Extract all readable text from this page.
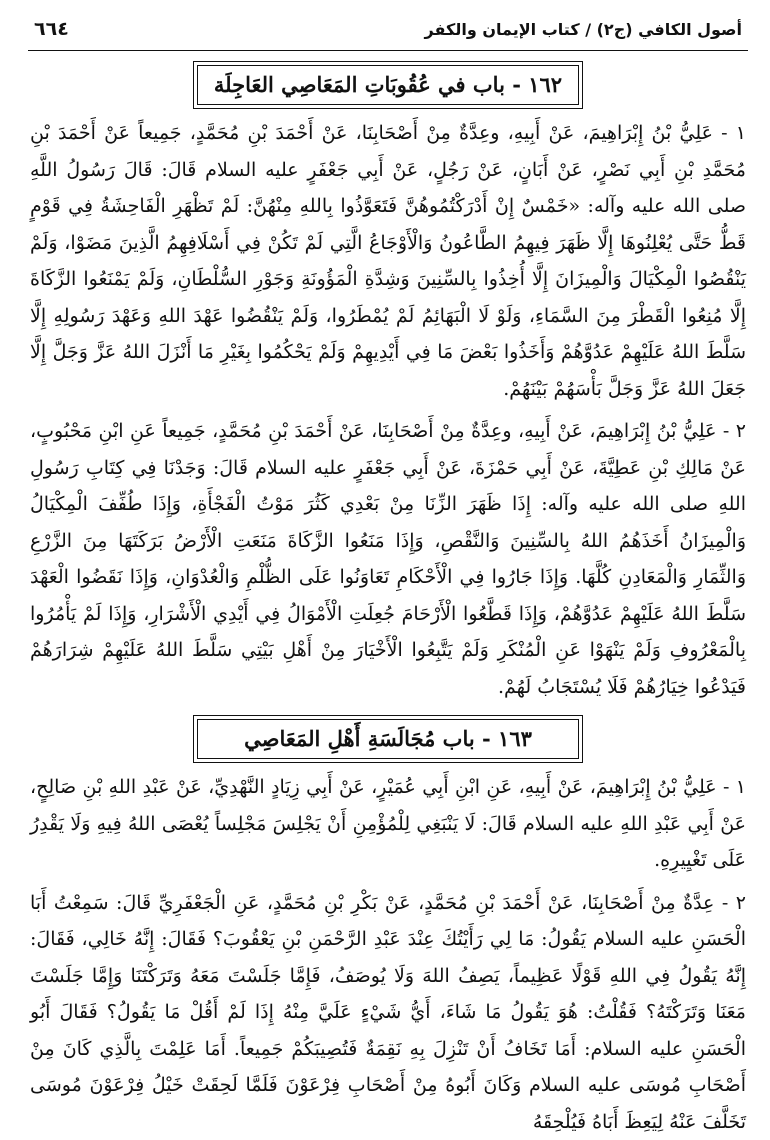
أصول الكافي (ج٢) / كتاب الإيمان والكفر
٦٦٤
١٦٢ - باب في عُقُوبَاتِ المَعَاصِي العَاجِلَة

١ - عَلِيُّ بْنُ إِبْرَاهِيمَ، عَنْ أَبِيهِ، وعِدَّةٌ مِنْ أَصْحَابِنَا، عَنْ أَحْمَدَ بْنِ مُحَمَّدٍ، جَمِيعاً عَنْ أَحْمَدَ بْنِ مُحَمَّدِ بْنِ أَبِي نَصْرٍ، عَنْ أَبَانٍ، عَنْ رَجُلٍ، عَنْ أَبِي جَعْفَرٍ عليه السلام قَالَ: قَالَ رَسُولُ اللَّهِ صلى الله عليه وآله: «خَمْسٌ إِنْ أَدْرَكْتُمُوهُنَّ فَتَعَوَّذُوا بِاللهِ مِنْهُنَّ: لَمْ تَظْهَرِ الْفَاحِشَةُ فِي قَوْمٍ قَطُّ حَتَّى يُعْلِنُوهَا إِلَّا ظَهَرَ فِيهِمُ الطَّاعُونُ وَالْأَوْجَاعُ الَّتِي لَمْ تَكُنْ فِي أَسْلَافِهِمُ الَّذِينَ مَضَوْا، وَلَمْ يَنْقُصُوا الْمِكْيَالَ وَالْمِيزَانَ إِلَّا أُخِذُوا بِالسِّنِينَ وَشِدَّةِ الْمَؤُونَةِ وَجَوْرِ السُّلْطَانِ، وَلَمْ يَمْنَعُوا الزَّكَاةَ إِلَّا مُنِعُوا الْقَطْرَ مِنَ السَّمَاءِ، وَلَوْ لَا الْبَهَائِمُ لَمْ يُمْطَرُوا، وَلَمْ يَنْقُضُوا عَهْدَ اللهِ وَعَهْدَ رَسُولِهِ إِلَّا سَلَّطَ اللهُ عَلَيْهِمْ عَدُوَّهُمْ وَأَخَذُوا بَعْضَ مَا فِي أَيْدِيهِمْ وَلَمْ يَحْكُمُوا بِغَيْرِ مَا أَنْزَلَ اللهُ عَزَّ وَجَلَّ إِلَّا جَعَلَ اللهُ عَزَّ وَجَلَّ بَأْسَهُمْ بَيْنَهُمْ.

٢ - عَلِيُّ بْنُ إِبْرَاهِيمَ، عَنْ أَبِيهِ، وعِدَّةٌ مِنْ أَصْحَابِنَا، عَنْ أَحْمَدَ بْنِ مُحَمَّدٍ، جَمِيعاً عَنِ ابْنِ مَحْبُوبٍ، عَنْ مَالِكِ بْنِ عَطِيَّةَ، عَنْ أَبِي حَمْزَةَ، عَنْ أَبِي جَعْفَرٍ عليه السلام قَالَ: وَجَدْنَا فِي كِتَابِ رَسُولِ اللهِ صلى الله عليه وآله: إِذَا ظَهَرَ الزِّنَا مِنْ بَعْدِي كَثُرَ مَوْتُ الْفَجْأَةِ، وَإِذَا طُفِّفَ الْمِكْيَالُ وَالْمِيزَانُ أَخَذَهُمُ اللهُ بِالسِّنِينَ وَالنَّقْصِ، وَإِذَا مَنَعُوا الزَّكَاةَ مَنَعَتِ الْأَرْضُ بَرَكَتَهَا مِنَ الزَّرْعِ وَالثِّمَارِ وَالْمَعَادِنِ كُلَّهَا. وَإِذَا جَارُوا فِي الْأَحْكَامِ تَعَاوَنُوا عَلَى الظُّلْمِ وَالْعُدْوَانِ، وَإِذَا نَقَضُوا الْعَهْدَ سَلَّطَ اللهُ عَلَيْهِمْ عَدُوَّهُمْ، وَإِذَا قَطَّعُوا الْأَرْحَامَ جُعِلَتِ الْأَمْوَالُ فِي أَيْدِي الْأَشْرَارِ، وَإِذَا لَمْ يَأْمُرُوا بِالْمَعْرُوفِ وَلَمْ يَنْهَوْا عَنِ الْمُنْكَرِ وَلَمْ يَتَّبِعُوا الْأَخْيَارَ مِنْ أَهْلِ بَيْتِي سَلَّطَ اللهُ عَلَيْهِمْ شِرَارَهُمْ فَيَدْعُوا خِيَارُهُمْ فَلَا يُسْتَجَابُ لَهُمْ.

١٦٣ - باب مُجَالَسَةِ أَهْلِ المَعَاصِي

١ - عَلِيُّ بْنُ إِبْرَاهِيمَ، عَنْ أَبِيهِ، عَنِ ابْنِ أَبِي عُمَيْرٍ، عَنْ أَبِي زِيَادٍ النَّهْدِيِّ، عَنْ عَبْدِ اللهِ بْنِ صَالِحٍ، عَنْ أَبِي عَبْدِ اللهِ عليه السلام قَالَ: لَا يَنْبَغِي لِلْمُؤْمِنِ أَنْ يَجْلِسَ مَجْلِساً يُعْصَى اللهُ فِيهِ وَلَا يَقْدِرُ عَلَى تَغْيِيرِهِ.

٢ - عِدَّةٌ مِنْ أَصْحَابِنَا، عَنْ أَحْمَدَ بْنِ مُحَمَّدٍ، عَنْ بَكْرِ بْنِ مُحَمَّدٍ، عَنِ الْجَعْفَرِيِّ قَالَ: سَمِعْتُ أَبَا الْحَسَنِ عليه السلام يَقُولُ: مَا لِي رَأَيْتُكَ عِنْدَ عَبْدِ الرَّحْمَنِ بْنِ يَعْقُوبَ؟ فَقَالَ: إِنَّهُ خَالِي، فَقَالَ: إِنَّهُ يَقُولُ فِي اللهِ قَوْلًا عَظِيماً، يَصِفُ اللهَ وَلَا يُوصَفُ، فَإِمَّا جَلَسْتَ مَعَهُ وَتَرَكْتَنَا وَإِمَّا جَلَسْتَ مَعَنَا وَتَرَكْتَهُ؟ فَقُلْتُ: هُوَ يَقُولُ مَا شَاءَ، أَيُّ شَيْءٍ عَلَيَّ مِنْهُ إِذَا لَمْ أَقُلْ مَا يَقُولُ؟ فَقَالَ أَبُو الْحَسَنِ عليه السلام: أَمَا تَخَافُ أَنْ تَنْزِلَ بِهِ نَقِمَةٌ فَتُصِيبَكُمْ جَمِيعاً. أَمَا عَلِمْتَ بِالَّذِي كَانَ مِنْ أَصْحَابِ مُوسَى عليه السلام وَكَانَ أَبُوهُ مِنْ أَصْحَابِ فِرْعَوْنَ فَلَمَّا لَحِقَتْ خَيْلُ فِرْعَوْنَ مُوسَى تَخَلَّفَ عَنْهُ لِيَعِظَ أَبَاهُ فَيُلْحِقَهُ
